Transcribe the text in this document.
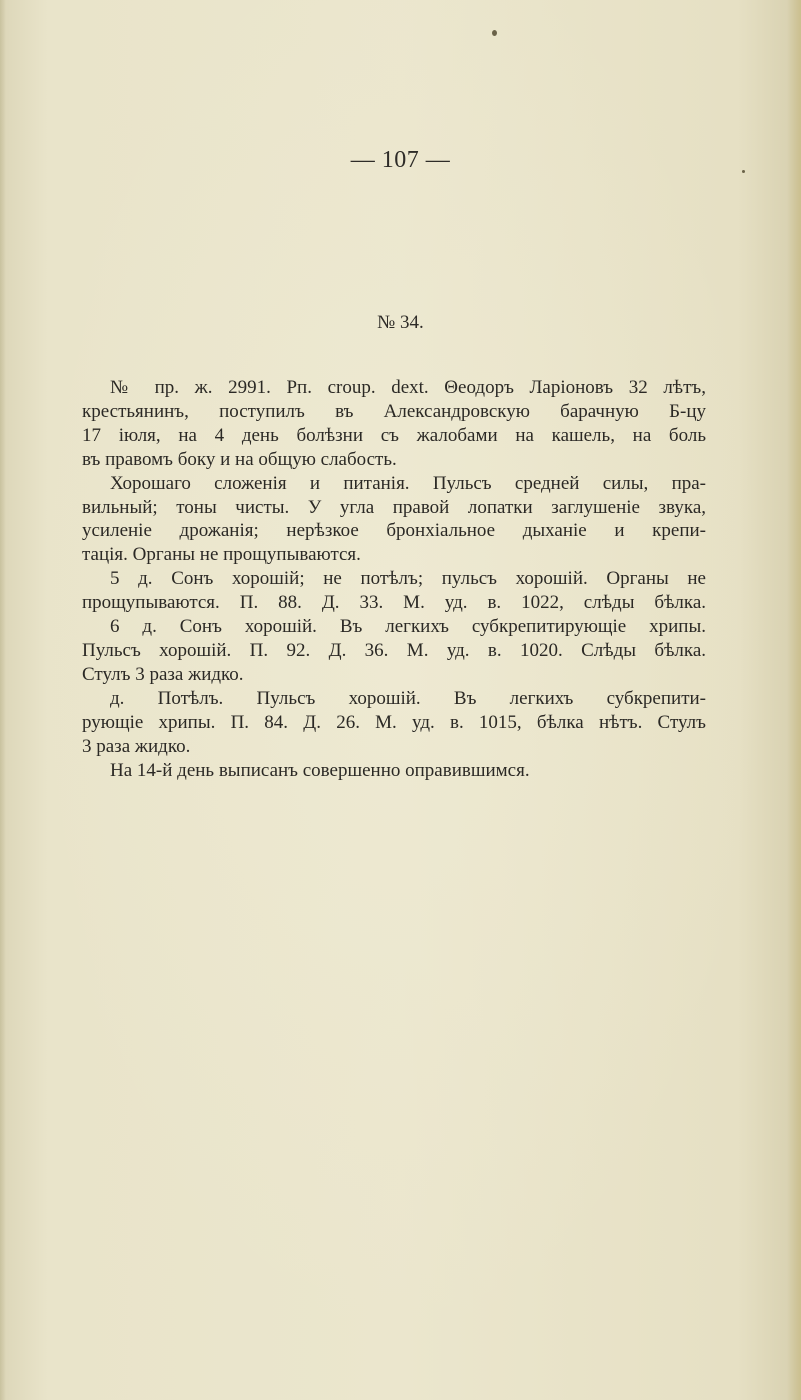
— 107 —
№ 34.
№ пр. ж. 2991. Рп. croup. dext. Θеодоръ Ларіоновъ 32 лѣтъ,
крестьянинъ, поступилъ въ Александровскую барачную Б-цу
17 іюля, на 4 день болѣзни съ жалобами на кашель, на боль
въ правомъ боку и на общую слабость.
Хорошаго сложенія и питанія. Пульсъ средней силы, пра-
вильный; тоны чисты. У угла правой лопатки заглушеніе звука,
усиленіе дрожанія; нерѣзкое бронхіальное дыханіе и крепи-
тація. Органы не прощупываются.
5 д. Сонъ хорошій; не потѣлъ; пульсъ хорошій. Органы не
прощупываются. П. 88. Д. 33. М. уд. в. 1022, слѣды бѣлка.
6 д. Сонъ хорошій. Въ легкихъ субкрепитирующіе хрипы.
Пульсъ хорошій. П. 92. Д. 36. М. уд. в. 1020. Слѣды бѣлка.
Стулъ 3 раза жидко.
д. Потѣлъ. Пульсъ хорошій. Въ легкихъ субкрепити-
рующіе хрипы. П. 84. Д. 26. М. уд. в. 1015, бѣлка нѣтъ. Стулъ
3 раза жидко.
На 14-й день выписанъ совершенно оправившимся.
